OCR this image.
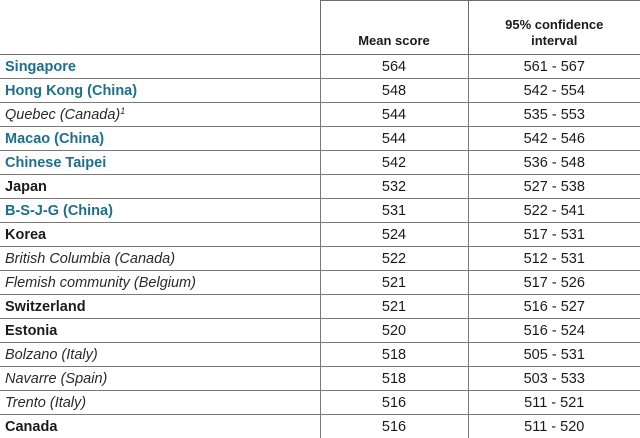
	Mean score	95% confidence
interval
Singapore	564	561 - 567
Hong Kong (China)	548	542 - 554
Quebec (Canada)$^1$	544	535 - 553
Macao (China)	544	542 - 546
Chinese Taipei	542	536 - 548
Japan	532	527 - 538
B-S-J-G (China)	531	522 - 541
Korea	524	517 - 531
British Columbia (Canada)	522	512 - 531
Flemish community (Belgium)	521	517 - 526
Switzerland	521	516 - 527
Estonia	520	516 - 524
Bolzano (Italy)	518	505 - 531
Navarre (Spain)	518	503 - 533
Trento (Italy)	516	511 - 521
Canada	516	511 - 520
